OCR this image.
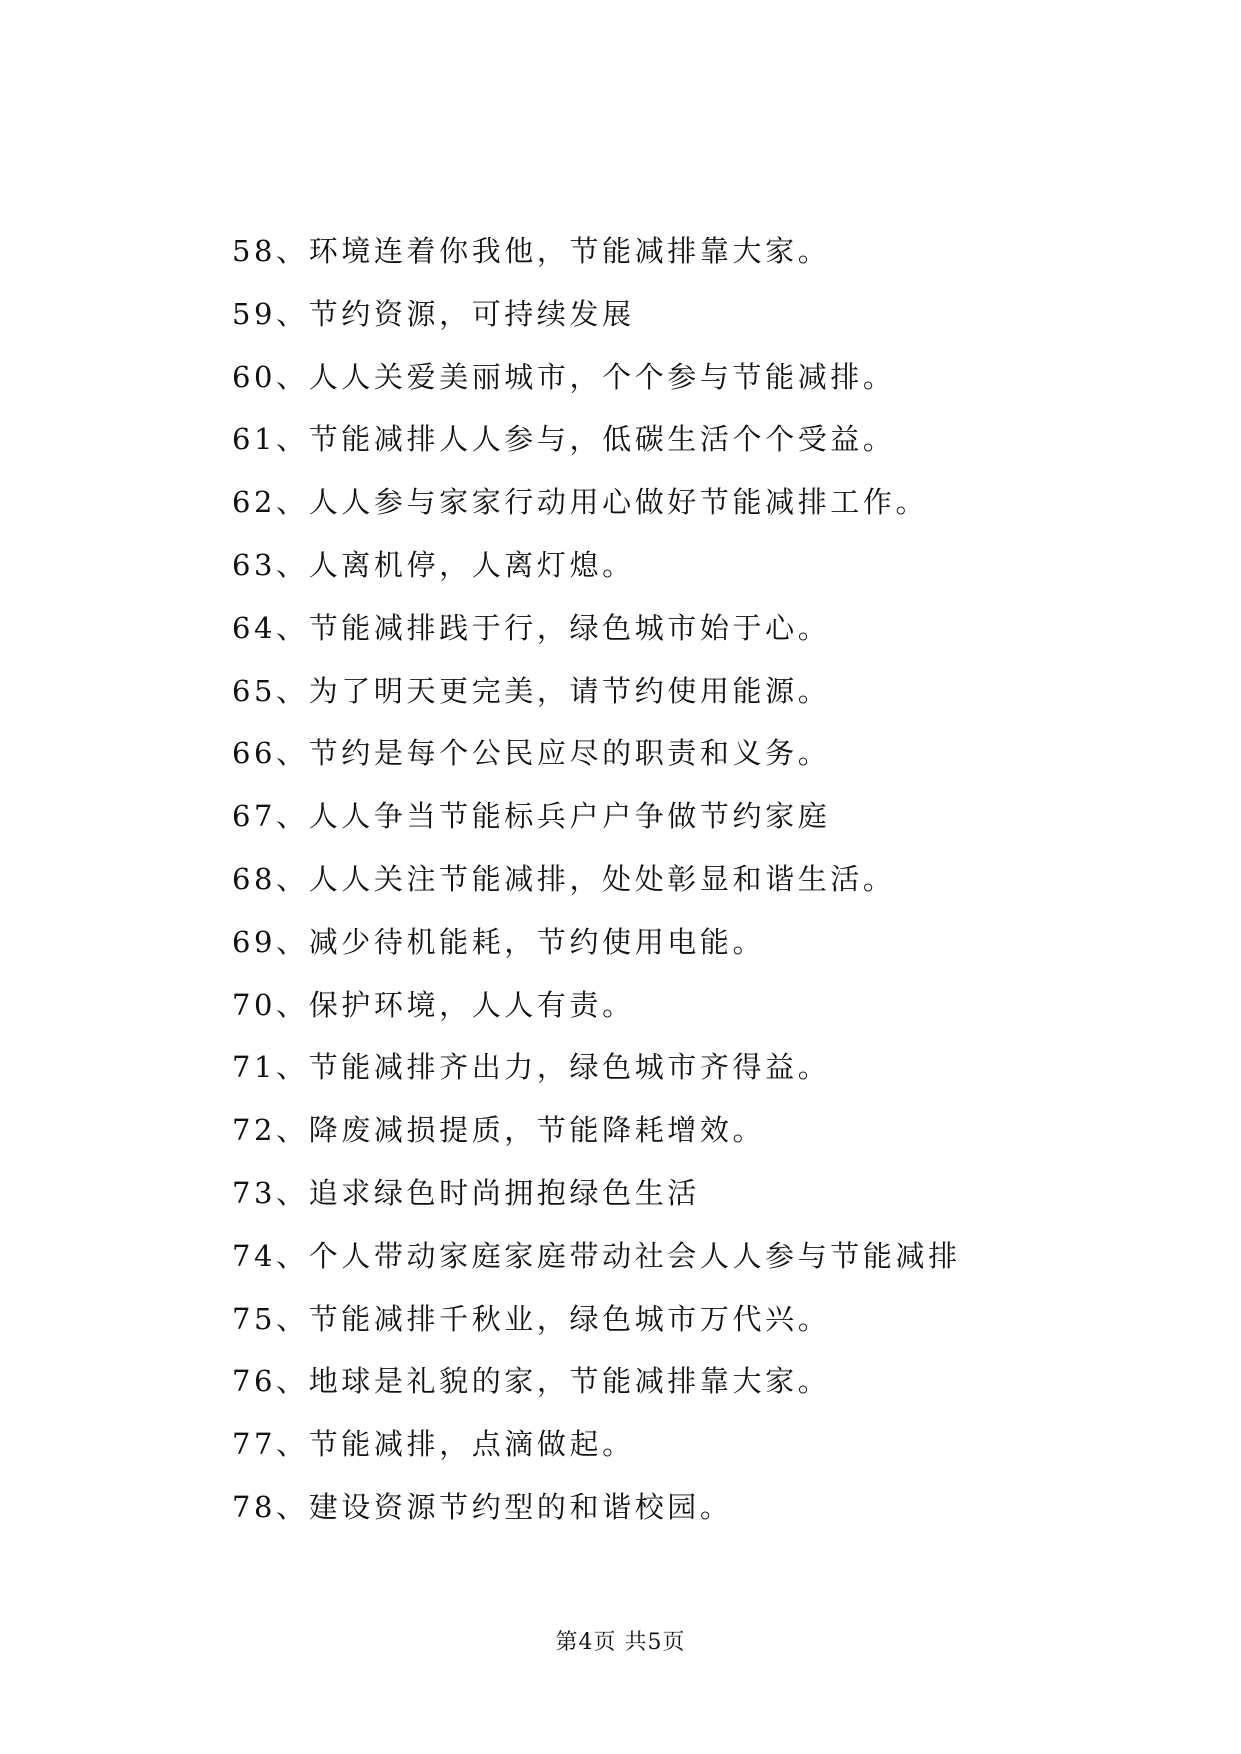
58、环境连着你我他，节能减排靠大家。
59、节约资源，可持续发展
60、人人关爱美丽城市，个个参与节能减排。
61、节能减排人人参与，低碳生活个个受益。
62、人人参与家家行动用心做好节能减排工作。
63、人离机停，人离灯熄。
64、节能减排践于行，绿色城市始于心。
65、为了明天更完美，请节约使用能源。
66、节约是每个公民应尽的职责和义务。
67、人人争当节能标兵户户争做节约家庭
68、人人关注节能减排，处处彰显和谐生活。
69、减少待机能耗，节约使用电能。
70、保护环境，人人有责。
71、节能减排齐出力，绿色城市齐得益。
72、降废减损提质，节能降耗增效。
73、追求绿色时尚拥抱绿色生活
74、个人带动家庭家庭带动社会人人参与节能减排
75、节能减排千秋业，绿色城市万代兴。
76、地球是礼貌的家，节能减排靠大家。
77、节能减排，点滴做起。
78、建设资源节约型的和谐校园。
第4页 共5页
